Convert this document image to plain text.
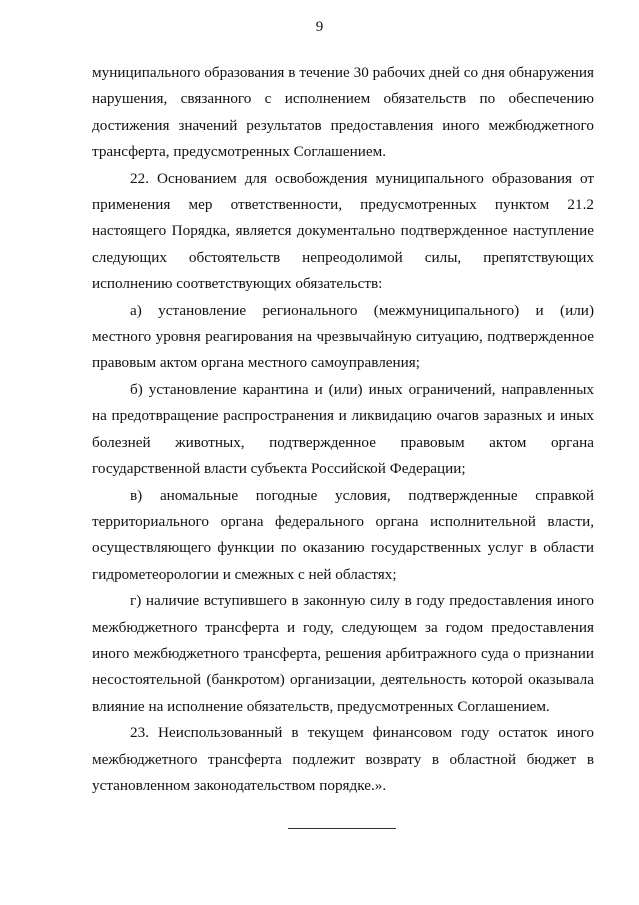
9

муниципального образования в течение 30 рабочих дней со дня обнаружения нарушения, связанного с исполнением обязательств по обеспечению достижения значений результатов предоставления иного межбюджетного трансферта, предусмотренных Соглашением.

22. Основанием для освобождения муниципального образования от применения мер ответственности, предусмотренных пунктом 21.2 настоящего Порядка, является документально подтвержденное наступление следующих обстоятельств непреодолимой силы, препятствующих исполнению соответствующих обязательств:

а) установление регионального (межмуниципального) и (или) местного уровня реагирования на чрезвычайную ситуацию, подтвержденное правовым актом органа местного самоуправления;

б) установление карантина и (или) иных ограничений, направленных на предотвращение распространения и ликвидацию очагов заразных и иных болезней животных, подтвержденное правовым актом органа государственной власти субъекта Российской Федерации;

в) аномальные погодные условия, подтвержденные справкой территориального органа федерального органа исполнительной власти, осуществляющего функции по оказанию государственных услуг в области гидрометеорологии и смежных с ней областях;

г) наличие вступившего в законную силу в году предоставления иного межбюджетного трансферта и году, следующем за годом предоставления иного межбюджетного трансферта, решения арбитражного суда о признании несостоятельной (банкротом) организации, деятельность которой оказывала влияние на исполнение обязательств, предусмотренных Соглашением.

23. Неиспользованный в текущем финансовом году остаток иного межбюджетного трансферта подлежит возврату в областной бюджет в установленном законодательством порядке.».
